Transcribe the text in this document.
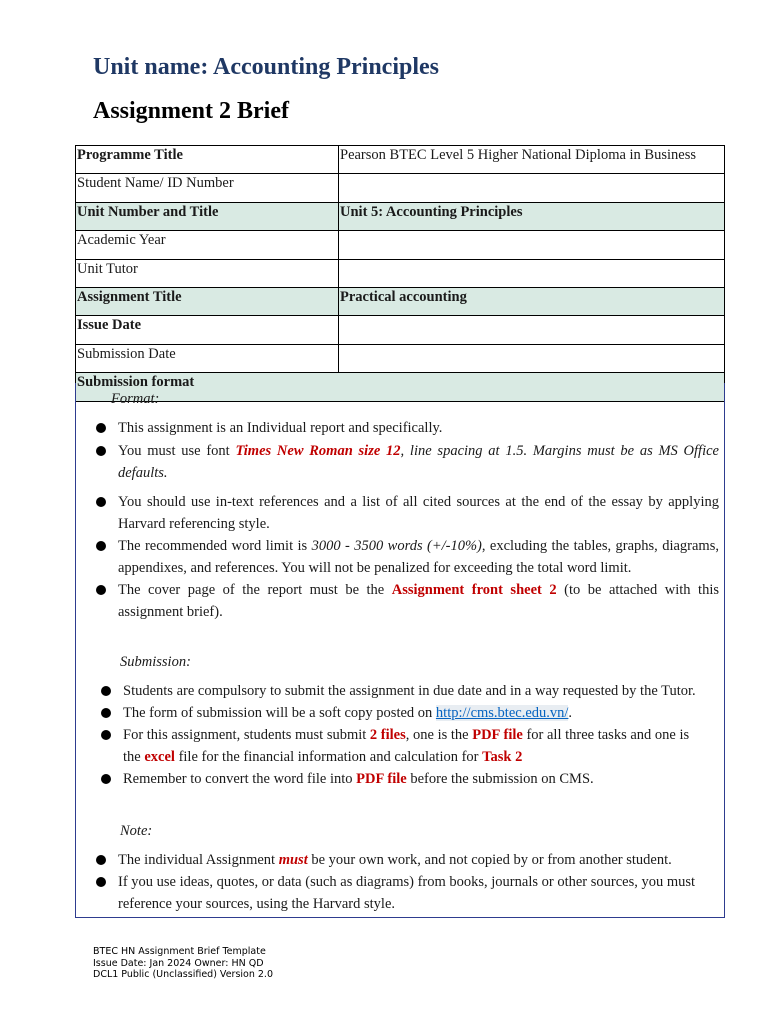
Unit name: Accounting Principles
Assignment 2 Brief
Programme Title	Pearson BTEC Level 5 Higher National Diploma in Business
Student Name/ ID Number	
Unit Number and Title	Unit 5: Accounting Principles
Academic Year	
Unit Tutor	
Assignment Title	Practical accounting
Issue Date	
Submission Date	
Submission format	
Format:
This assignment is an Individual report and specifically.
You must use font Times New Roman size 12, line spacing at 1.5. Margins must be as MS Office defaults.
You should use in-text references and a list of all cited sources at the end of the essay by applying Harvard referencing style.
The recommended word limit is 3000 - 3500 words (+/-10%), excluding the tables, graphs, diagrams, appendixes, and references. You will not be penalized for exceeding the total word limit.
The cover page of the report must be the Assignment front sheet 2 (to be attached with this assignment brief).
Submission:
Students are compulsory to submit the assignment in due date and in a way requested by the Tutor.
The form of submission will be a soft copy posted on http://cms.btec.edu.vn/.
For this assignment, students must submit 2 files, one is the PDF file for all three tasks and one is the excel file for the financial information and calculation for Task 2
Remember to convert the word file into PDF file before the submission on CMS.
Note:
The individual Assignment must be your own work, and not copied by or from another student.
If you use ideas, quotes, or data (such as diagrams) from books, journals or other sources, you must reference your sources, using the Harvard style.
BTEC HN Assignment Brief Template
Issue Date: Jan 2024 Owner: HN QD
DCL1 Public (Unclassified) Version 2.0
